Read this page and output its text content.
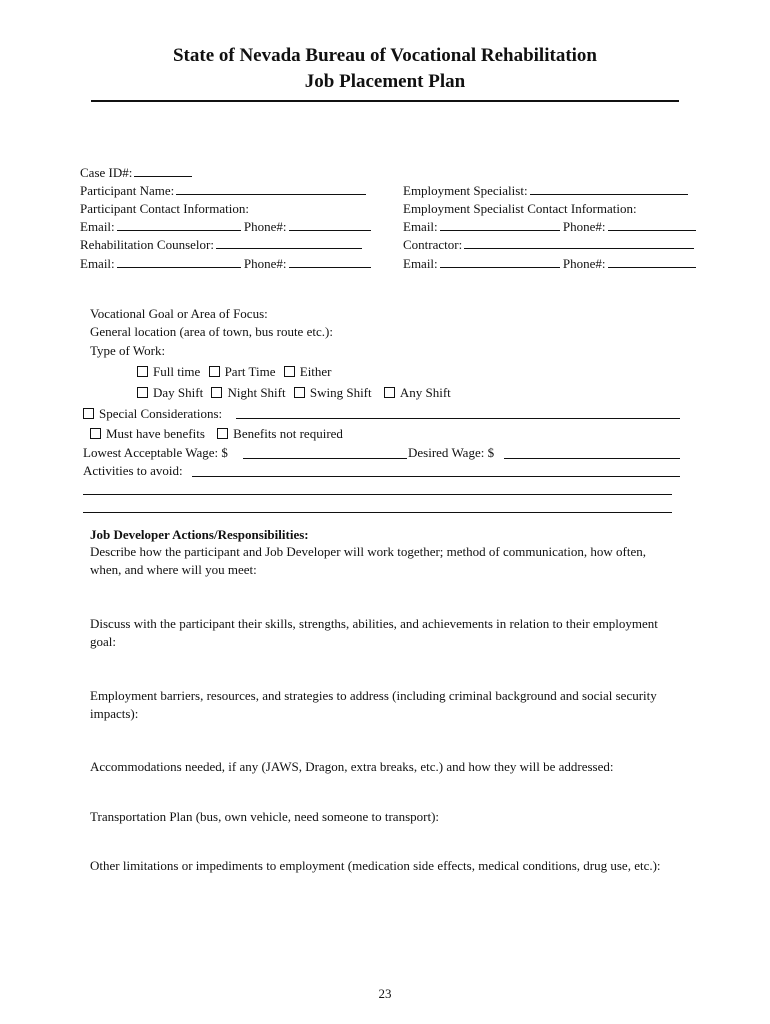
State of Nevada Bureau of Vocational Rehabilitation
Job Placement Plan
Case ID#:
Participant Name:
Participant Contact Information:
Email:	Phone#:
Rehabilitation Counselor:
Email:	Phone#:
Employment Specialist:
Employment Specialist Contact Information:
Email:	Phone#:
Contractor:
Email:	Phone#:
Vocational Goal or Area of Focus:
General location (area of town, bus route etc.):
Type of Work:
Full time Part Time Either
Day Shift Night Shift Swing Shift Any Shift
Special Considerations:
Must have benefits Benefits not required
Lowest Acceptable Wage: $	Desired Wage: $
Activities to avoid:
Job Developer Actions/Responsibilities:
Describe how the participant and Job Developer will work together; method of communication, how often, when, and where will you meet:
Discuss with the participant their skills, strengths, abilities, and achievements in relation to their employment goal:
Employment barriers, resources, and strategies to address (including criminal background and social security impacts):
Accommodations needed, if any (JAWS, Dragon, extra breaks, etc.) and how they will be addressed:
Transportation Plan (bus, own vehicle, need someone to transport):
Other limitations or impediments to employment (medication side effects, medical conditions, drug use, etc.):
23
